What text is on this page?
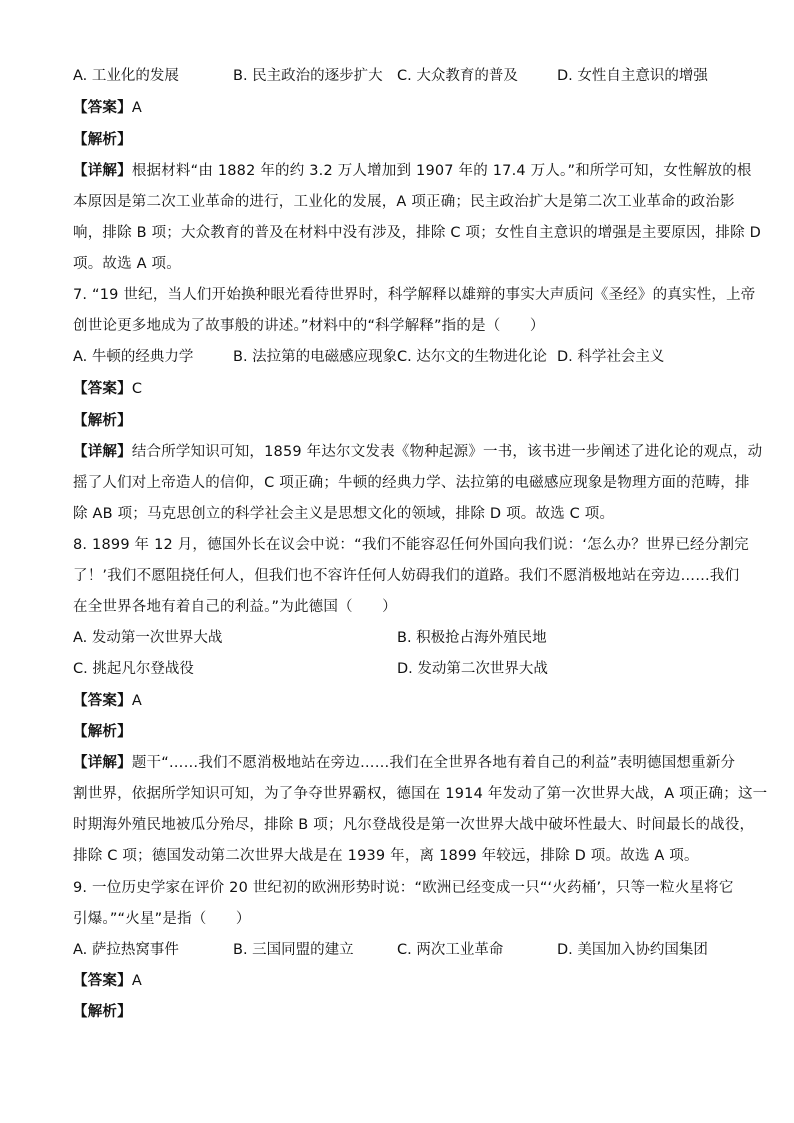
A. 工业化的发展	B. 民主政治的逐步扩大 C. 大众教育的普及	D. 女性自主意识的增强
【答案】A
【解析】
【详解】根据材料“由 1882 年的约 3.2 万人增加到 1907 年的 17.4 万人。”和所学可知，女性解放的根
本原因是第二次工业革命的进行，工业化的发展，A 项正确；民主政治扩大是第二次工业革命的政治影
响，排除 B 项；大众教育的普及在材料中没有涉及，排除 C 项；女性自主意识的增强是主要原因，排除 D
项。故选 A 项。
7. “19 世纪，当人们开始换种眼光看待世界时，科学解释以雄辩的事实大声质问《圣经》的真实性，上帝
创世论更多地成为了故事般的讲述。”材料中的“科学解释”指的是（　　）
A. 牛顿的经典力学	B. 法拉第的电磁感应现象 C. 达尔文的生物进化论 D. 科学社会主义
【答案】C
【解析】
【详解】结合所学知识可知，1859 年达尔文发表《物种起源》一书，该书进一步阐述了进化论的观点，动
摇了人们对上帝造人的信仰，C 项正确；牛顿的经典力学、法拉第的电磁感应现象是物理方面的范畴，排
除 AB 项；马克思创立的科学社会主义是思想文化的领域，排除 D 项。故选 C 项。
8. 1899 年 12 月，德国外长在议会中说：“我们不能容忍任何外国向我们说：‘怎么办？世界已经分割完
了！’我们不愿阻挠任何人，但我们也不容许任何人妨碍我们的道路。我们不愿消极地站在旁边……我们
在全世界各地有着自己的利益。”为此德国（　　）
A. 发动第一次世界大战	B. 积极抢占海外殖民地
C. 挑起凡尔登战役	D. 发动第二次世界大战
【答案】A
【解析】
【详解】题干“……我们不愿消极地站在旁边……我们在全世界各地有着自己的利益”表明德国想重新分
割世界，依据所学知识可知，为了争夺世界霸权，德国在 1914 年发动了第一次世界大战，A 项正确；这一
时期海外殖民地被瓜分殆尽，排除 B 项；凡尔登战役是第一次世界大战中破坏性最大、时间最长的战役，
排除 C 项；德国发动第二次世界大战是在 1939 年，离 1899 年较远，排除 D 项。故选 A 项。
9. 一位历史学家在评价 20 世纪初的欧洲形势时说：“欧洲已经变成一只“‘火药桶’，只等一粒火星将它
引爆。”“火星”是指（　　）
A. 萨拉热窝事件	B. 三国同盟的建立	C. 两次工业革命	D. 美国加入协约国集团
【答案】A
【解析】
